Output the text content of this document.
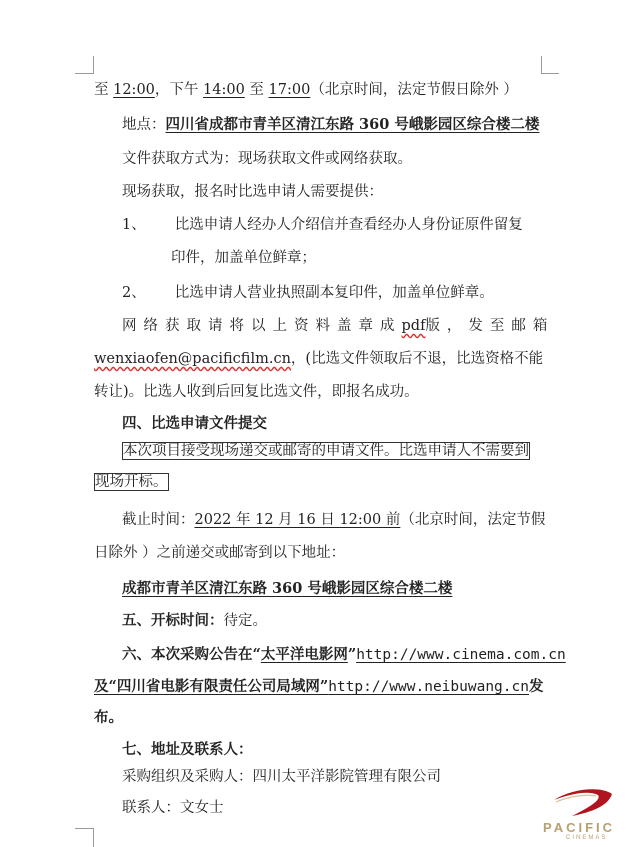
至 12:00，下午 14:00 至 17:00（北京时间，法定节假日除外 ）
地点：四川省成都市青羊区清江东路 360 号峨影园区综合楼二楼
文件获取方式为：现场获取文件或网络获取。
现场获取，报名时比选申请人需要提供：
1、 比选申请人经办人介绍信并查看经办人身份证原件留复
印件，加盖单位鲜章；
2、 比选申请人营业执照副本复印件，加盖单位鲜章。
网络获取请将以上资料盖章成 pdf 版，发至邮箱
wenxiaofen@pacificfilm.cn，(比选文件领取后不退，比选资格不能
转让)。比选人收到后回复比选文件，即报名成功。
四、比选申请文件提交
本次项目接受现场递交或邮寄的申请文件。比选申请人不需要到
现场开标。
截止时间：2022 年 12 月 16 日 12:00 前（北京时间，法定节假
日除外 ）之前递交或邮寄到以下地址：
成都市青羊区清江东路 360 号峨影园区综合楼二楼
五、开标时间：待定。
六、本次采购公告在“太平洋电影网”http://www.cinema.com.cn
及“四川省电影有限责任公司局域网”http://www.neibuwang.cn发
布。
七、地址及联系人：
采购组织及采购人：四川太平洋影院管理有限公司
联系人：文女士
PACIFIC
CINEMAS
